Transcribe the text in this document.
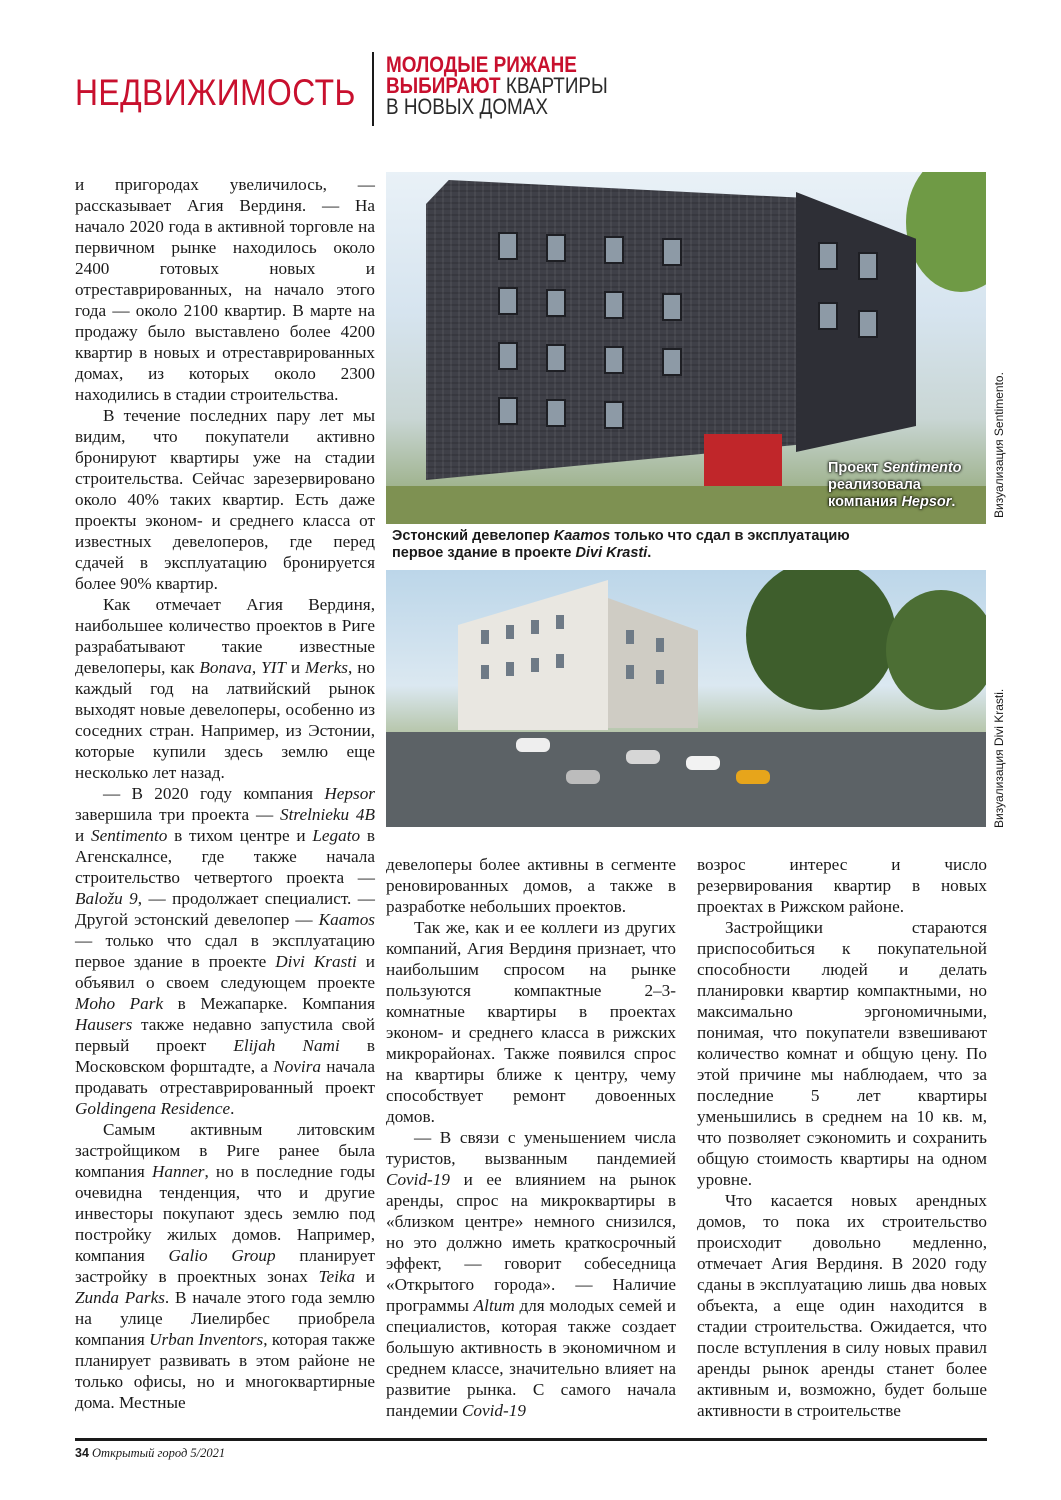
НЕДВИЖИМОСТЬ
МОЛОДЫЕ РИЖАНЕ
ВЫБИРАЮТ КВАРТИРЫ
В НОВЫХ ДОМАХ

и пригородах увеличилось, — рассказывает Агия Вердиня. — На начало 2020 года в активной торговле на первичном рынке находилось около 2400 готовых новых и отреставрированных, на начало этого года — около 2100 квартир. В марте на продажу было выставлено более 4200 квартир в новых и отреставрированных домах, из которых около 2300 находились в стадии строительства.

В течение последних пару лет мы видим, что покупатели активно бронируют квартиры уже на стадии строительства. Сейчас зарезервировано около 40% таких квартир. Есть даже проекты эконом- и среднего класса от известных девелоперов, где перед сдачей в эксплуатацию бронируется более 90% квартир.

Как отмечает Агия Вердиня, наибольшее количество проектов в Риге разрабатывают такие известные девелоперы, как Bonava, YIT и Merks, но каждый год на латвийский рынок выходят новые девелоперы, особенно из соседних стран. Например, из Эстонии, которые купили здесь землю еще несколько лет назад.

— В 2020 году компания Hepsor завершила три проекта — Strelnieku 4B и Sentimento в тихом центре и Legato в Агенскалнсе, где также начала строительство четвертого проекта — Baložu 9, — продолжает специалист. — Другой эстонский девелопер — Kaamos — только что сдал в эксплуатацию первое здание в проекте Divi Krasti и объявил о своем следующем проекте Moho Park в Межапарке. Компания Hausers также недавно запустила свой первый проект Elijah Nami в Московском форштадте, а Novira начала продавать отреставрированный проект Goldingena Residence.

Самым активным литовским застройщиком в Риге ранее была компания Hanner, но в последние годы очевидна тенденция, что и другие инвесторы покупают здесь землю под постройку жилых домов. Например, компания Galio Group планирует застройку в проектных зонах Teika и Zunda Parks. В начале этого года землю на улице Лиелирбес приобрела компания Urban Inventors, которая также планирует развивать в этом районе не только офисы, но и многоквартирные дома. Местные

Проект Sentimento
реализовала
компания Hepsor.
Эстонский девелопер Kaamos только что сдал в эксплуатацию
первое здание в проекте Divi Krasti.
Визуализация Sentimento.
Визуализация Divi Krasti.

девелоперы более активны в сегменте реновированных домов, а также в разработке небольших проектов.

Так же, как и ее коллеги из других компаний, Агия Вердиня признает, что наибольшим спросом на рынке пользуются компактные 2–3-комнатные квартиры в проектах эконом- и среднего класса в рижских микрорайонах. Также появился спрос на квартиры ближе к центру, чему способствует ремонт довоенных домов.

— В связи с уменьшением числа туристов, вызванным пандемией Covid-19 и ее влиянием на рынок аренды, спрос на микроквартиры в «близком центре» немного снизился, но это должно иметь краткосрочный эффект, — говорит собеседница «Открытого города». — Наличие программы Altum для молодых семей и специалистов, которая также создает большую активность в экономичном и среднем классе, значительно влияет на развитие рынка. С самого начала пандемии Covid-19

возрос интерес и число резервирования квартир в новых проектах в Рижском районе.

Застройщики стараются приспособиться к покупательной способности людей и делать планировки квартир компактными, но максимально эргономичными, понимая, что покупатели взвешивают количество комнат и общую цену. По этой причине мы наблюдаем, что за последние 5 лет квартиры уменьшились в среднем на 10 кв. м, что позволяет сэкономить и сохранить общую стоимость квартиры на одном уровне.

Что касается новых арендных домов, то пока их строительство происходит довольно медленно, отмечает Агия Вердиня. В 2020 году сданы в эксплуатацию лишь два новых объекта, а еще один находится в стадии строительства. Ожидается, что после вступления в силу новых правил аренды рынок аренды станет более активным и, возможно, будет больше активности в строительстве

34 Открытый город 5/2021
